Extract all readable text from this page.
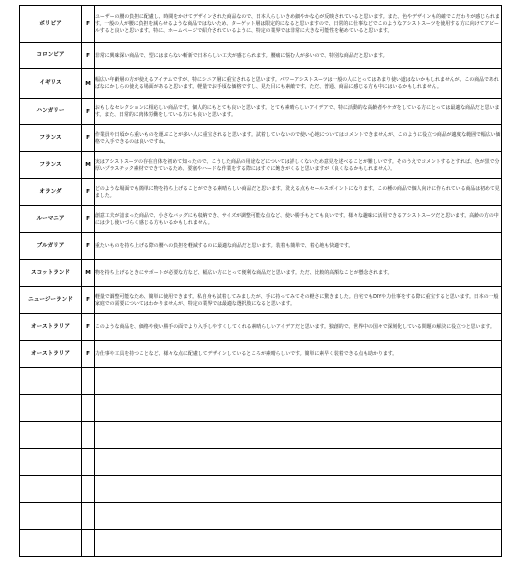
ボリビア	F	ユーザーの腰の負担に配慮し、時間をかけてデザインされた商品なので、日本人らしいきめ細やかな心が反映されていると思います。また、色やデザインも的確でこだわりが感じられます。一般の人が腰に負担を減らせるような商品ではないため、ターゲット層は限定的になると思いますので、日常的に仕事などでこのようなアシストスーツを使用する方に向けてアピールすると良いと思います。特に、ホームページで紹介されているように、特定の業界では非常に大きな可能性を秘めていると思います。

コロンビア	F	非常に興味深い商品で、型にはまらない斬新で日本らしい工夫が感じられます。腰痛に悩む人が多いので、特別な商品だと思います。

イギリス	M	幅広い年齢層の方が使えるアイテムですが、特にシニア層に重宝されると思います。パワーアシストスーツは一般の人にとってはあまり使い道はないかもしれませんが、この商品であればなにかしらの使える場面があると思います。軽量でお手頃な価格ですし、見た目にも素敵です。ただ、普通、商品に感じる方も中にはいるかもしれません。

ハンガリー	F	おもしなセレクションに相応しい商品です。個人的にもとても良いと思います。とても素晴らしいアイデアで、特に活動的な高齢者やケガをしている方にとっては最適な商品だと思います。また、日常的に肉体労働をしている方にも良いと思います。

フランス	F	作業員や日頃から重いものを運ぶことが多い人に重宝されると思います。試着していないので使い心地についてはコメントできませんが、このように役立つ商品が適度な範囲で幅広い価格で入手できるのは良いですね。

フランス	M	実はアシストスーツの存在自体を初めて知ったので、こうした商品の用途などについては詳しくないため意見を述べることが難しいです。そのうえでコメントするとすれば、色が黒で分厚いプラスチック素材でできているため、要塞やハードな作業をする際にはすぐに飽きがくると思いますが（良くなるかもしれません）。

オランダ	F	どのような場面でも簡単に物を持ち上げることができる素晴らしい商品だと思います。洗える点もセールスポイントになります。この種の商品で個人向けに作られている商品は初めて見ました。

ルーマニア	F	創意工夫が詰まった商品で、小さなバッグにも収納でき、サイズが調整可能な点など、使い勝手もとても良いです。様々な趣味に活用できるアシストスーツだと思います。高齢の方の中には少し使いづらく感じる方もいるかもしれません。

ブルガリア	F	重たいものを持ち上げる際の腰への負担を軽減するのに最適な商品だと思います。装着も簡単で、着心地も快適です。

スコットランド	M	物を持ち上げるときにサポートが必要な方など、幅広い方にとって便利な商品だと思います。ただ、比較的高額なことが懸念されます。

ニュージーランド	F	軽量で調整可能なため、簡単に使用できます。私自身も試着してみましたが、手に持ってみてその軽さに驚きました。自宅でもDIYや力仕事をする際に重宝すると思います。日本の一般家庭での需要についてはわかりませんが、特定の業界では最適な選択肢になると思います。

オーストラリア	F	このような商品を、価格や使い勝手の面でより入手しやすくしてくれる素晴らしいアイデアだと思います。独創的で、世界中の国々で深刻化している問題の解決に役立つと思います。

オーストラリア	F	力仕事や工具を持つことなど、様々な点に配慮してデザインしているところが素晴らしいです。簡単に素早く装着できる点も助かります。
